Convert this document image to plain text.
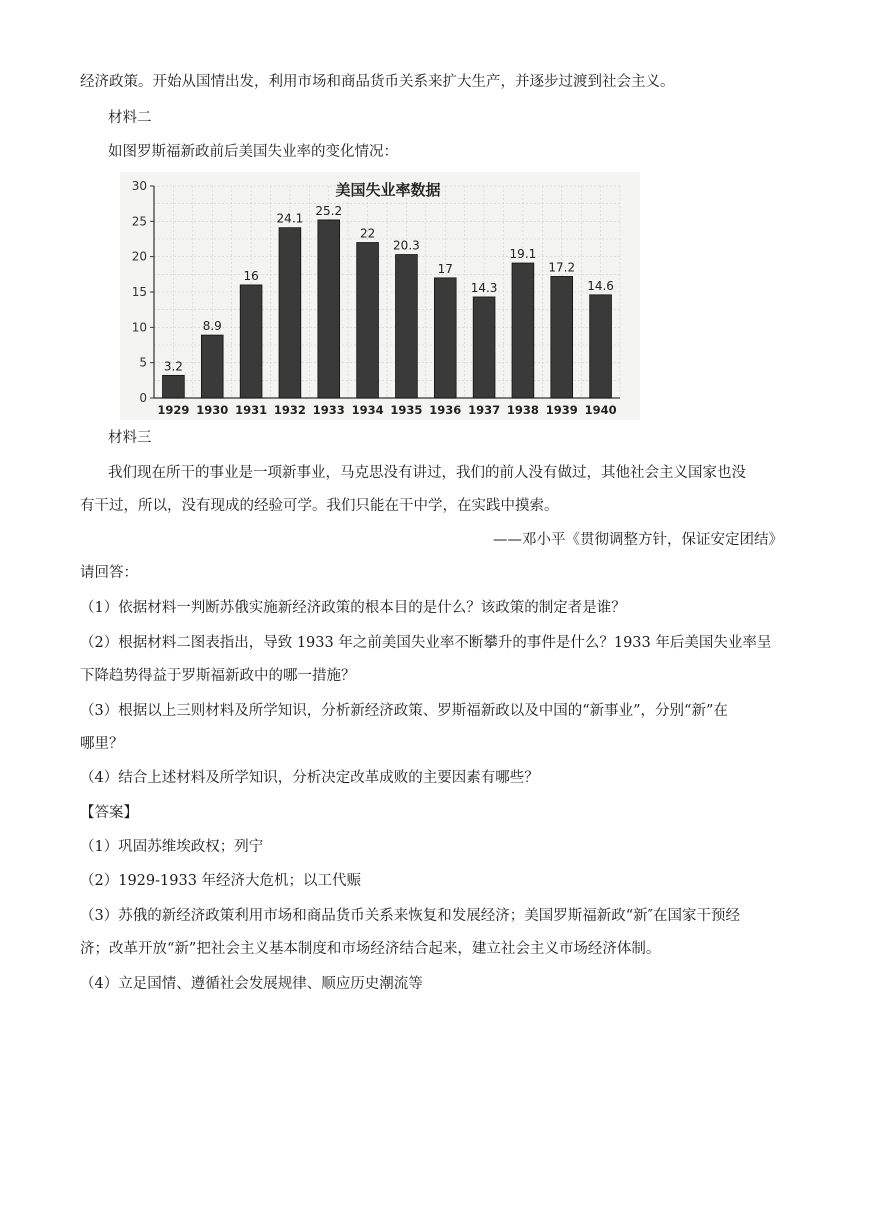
经济政策。开始从国情出发，利用市场和商品货币关系来扩大生产，并逐步过渡到社会主义。
材料二
如图罗斯福新政前后美国失业率的变化情况：
0
5
10
15
20
25
30
3.2
1929
8.9
1930
16
1931
24.1
1932
25.2
1933
22
1934
20.3
1935
17
1936
14.3
1937
19.1
1938
17.2
1939
14.6
1940
美国失业率数据
材料三
我们现在所干的事业是一项新事业，马克思没有讲过，我们的前人没有做过，其他社会主义国家也没
有干过，所以，没有现成的经验可学。我们只能在干中学，在实践中摸索。
——邓小平《贯彻调整方针，保证安定团结》
请回答：
（1）依据材料一判断苏俄实施新经济政策的根本目的是什么？该政策的制定者是谁？
（2）根据材料二图表指出，导致 1933 年之前美国失业率不断攀升的事件是什么？1933 年后美国失业率呈
下降趋势得益于罗斯福新政中的哪一措施？
（3）根据以上三则材料及所学知识，分析新经济政策、罗斯福新政以及中国的“新事业”，分别“新”在
哪里？
（4）结合上述材料及所学知识，分析决定改革成败的主要因素有哪些？
【答案】
（1）巩固苏维埃政权；列宁
（2）1929-1933 年经济大危机；以工代赈
（3）苏俄的新经济政策利用市场和商品货币关系来恢复和发展经济；美国罗斯福新政“新″在国家干预经
济；改革开放“新”把社会主义基本制度和市场经济结合起来，建立社会主义市场经济体制。
（4）立足国情、遵循社会发展规律、顺应历史潮流等
